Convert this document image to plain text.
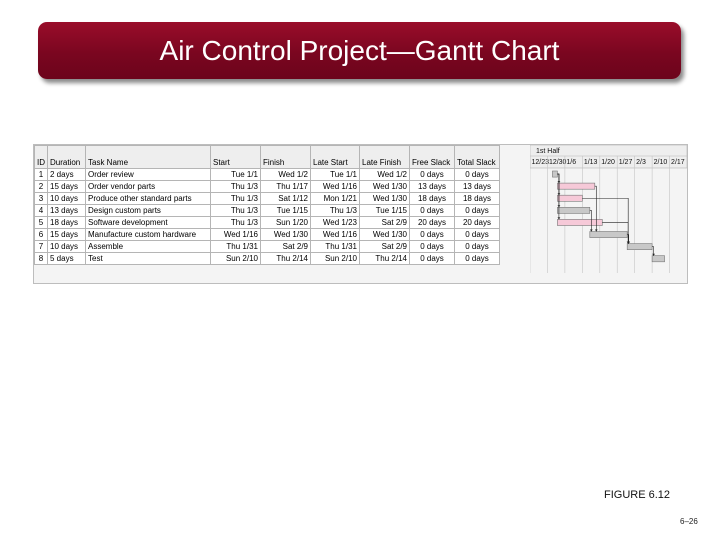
Air Control Project—Gantt Chart
ID	Duration	Task Name	Start	Finish	Late Start	Late Finish	Free Slack	Total Slack
1	2 days	Order review	Tue 1/1	Wed 1/2	Tue 1/1	Wed 1/2	0 days	0 days
2	15 days	Order vendor parts	Thu 1/3	Thu 1/17	Wed 1/16	Wed 1/30	13 days	13 days
3	10 days	Produce other standard parts	Thu 1/3	Sat 1/12	Mon 1/21	Wed 1/30	18 days	18 days
4	13 days	Design custom parts	Thu 1/3	Tue 1/15	Thu 1/3	Tue 1/15	0 days	0 days
5	18 days	Software development	Thu 1/3	Sun 1/20	Wed 1/23	Sat 2/9	20 days	20 days
6	15 days	Manufacture custom hardware	Wed 1/16	Wed 1/30	Wed 1/16	Wed 1/30	0 days	0 days
7	10 days	Assemble	Thu 1/31	Sat 2/9	Thu 1/31	Sat 2/9	0 days	0 days
8	5 days	Test	Sun 2/10	Thu 2/14	Sun 2/10	Thu 2/14	0 days	0 days
1st Half
12/23 12/30 1/6 1/13 1/20 1/27 2/3 2/10 2/17
FIGURE 6.12
6–26
